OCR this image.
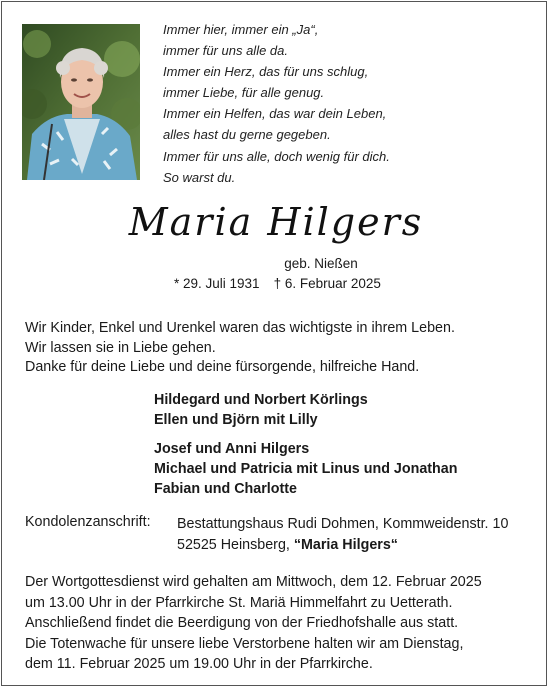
Immer hier, immer ein „Ja“,
immer für uns alle da.
Immer ein Herz, das für uns schlug,
immer Liebe, für alle genug.
Immer ein Helfen, das war dein Leben,
alles hast du gerne gegeben.
Immer für uns alle, doch wenig für dich.
So warst du.
Maria Hilgers
geb. Nießen
* 29. Juli 1931 † 6. Februar 2025
Wir Kinder, Enkel und Urenkel waren das wichtigste in ihrem Leben.
Wir lassen sie in Liebe gehen.
Danke für deine Liebe und deine fürsorgende, hilfreiche Hand.
Hildegard und Norbert Körlings
Ellen und Björn mit Lilly
Josef und Anni Hilgers
Michael und Patricia mit Linus und Jonathan
Fabian und Charlotte
Kondolenzanschrift: Bestattungshaus Rudi Dohmen, Kommweidenstr. 10
52525 Heinsberg, “Maria Hilgers“
Der Wortgottesdienst wird gehalten am Mittwoch, dem 12. Februar 2025
um 13.00 Uhr in der Pfarrkirche St. Mariä Himmelfahrt zu Uetterath.
Anschließend findet die Beerdigung von der Friedhofshalle aus statt.
Die Totenwache für unsere liebe Verstorbene halten wir am Dienstag,
dem 11. Februar 2025 um 19.00 Uhr in der Pfarrkirche.
